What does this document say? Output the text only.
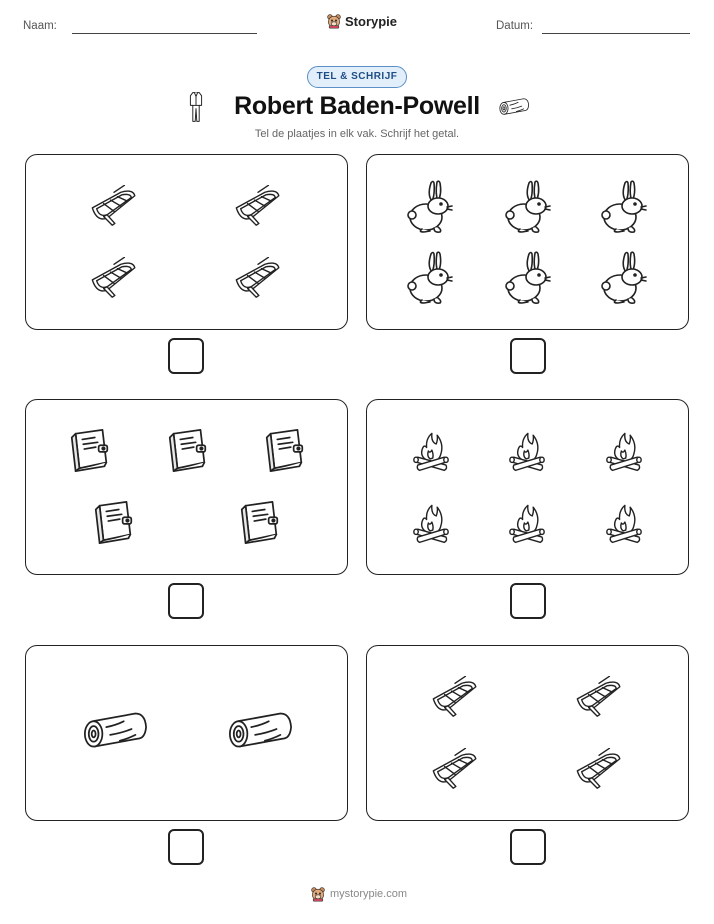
Naam:	Storypie	Datum:
TEL & SCHRIJF
Robert Baden-Powell
Tel de plaatjes in elk vak. Schrijf het getal.
mystorypie.com
